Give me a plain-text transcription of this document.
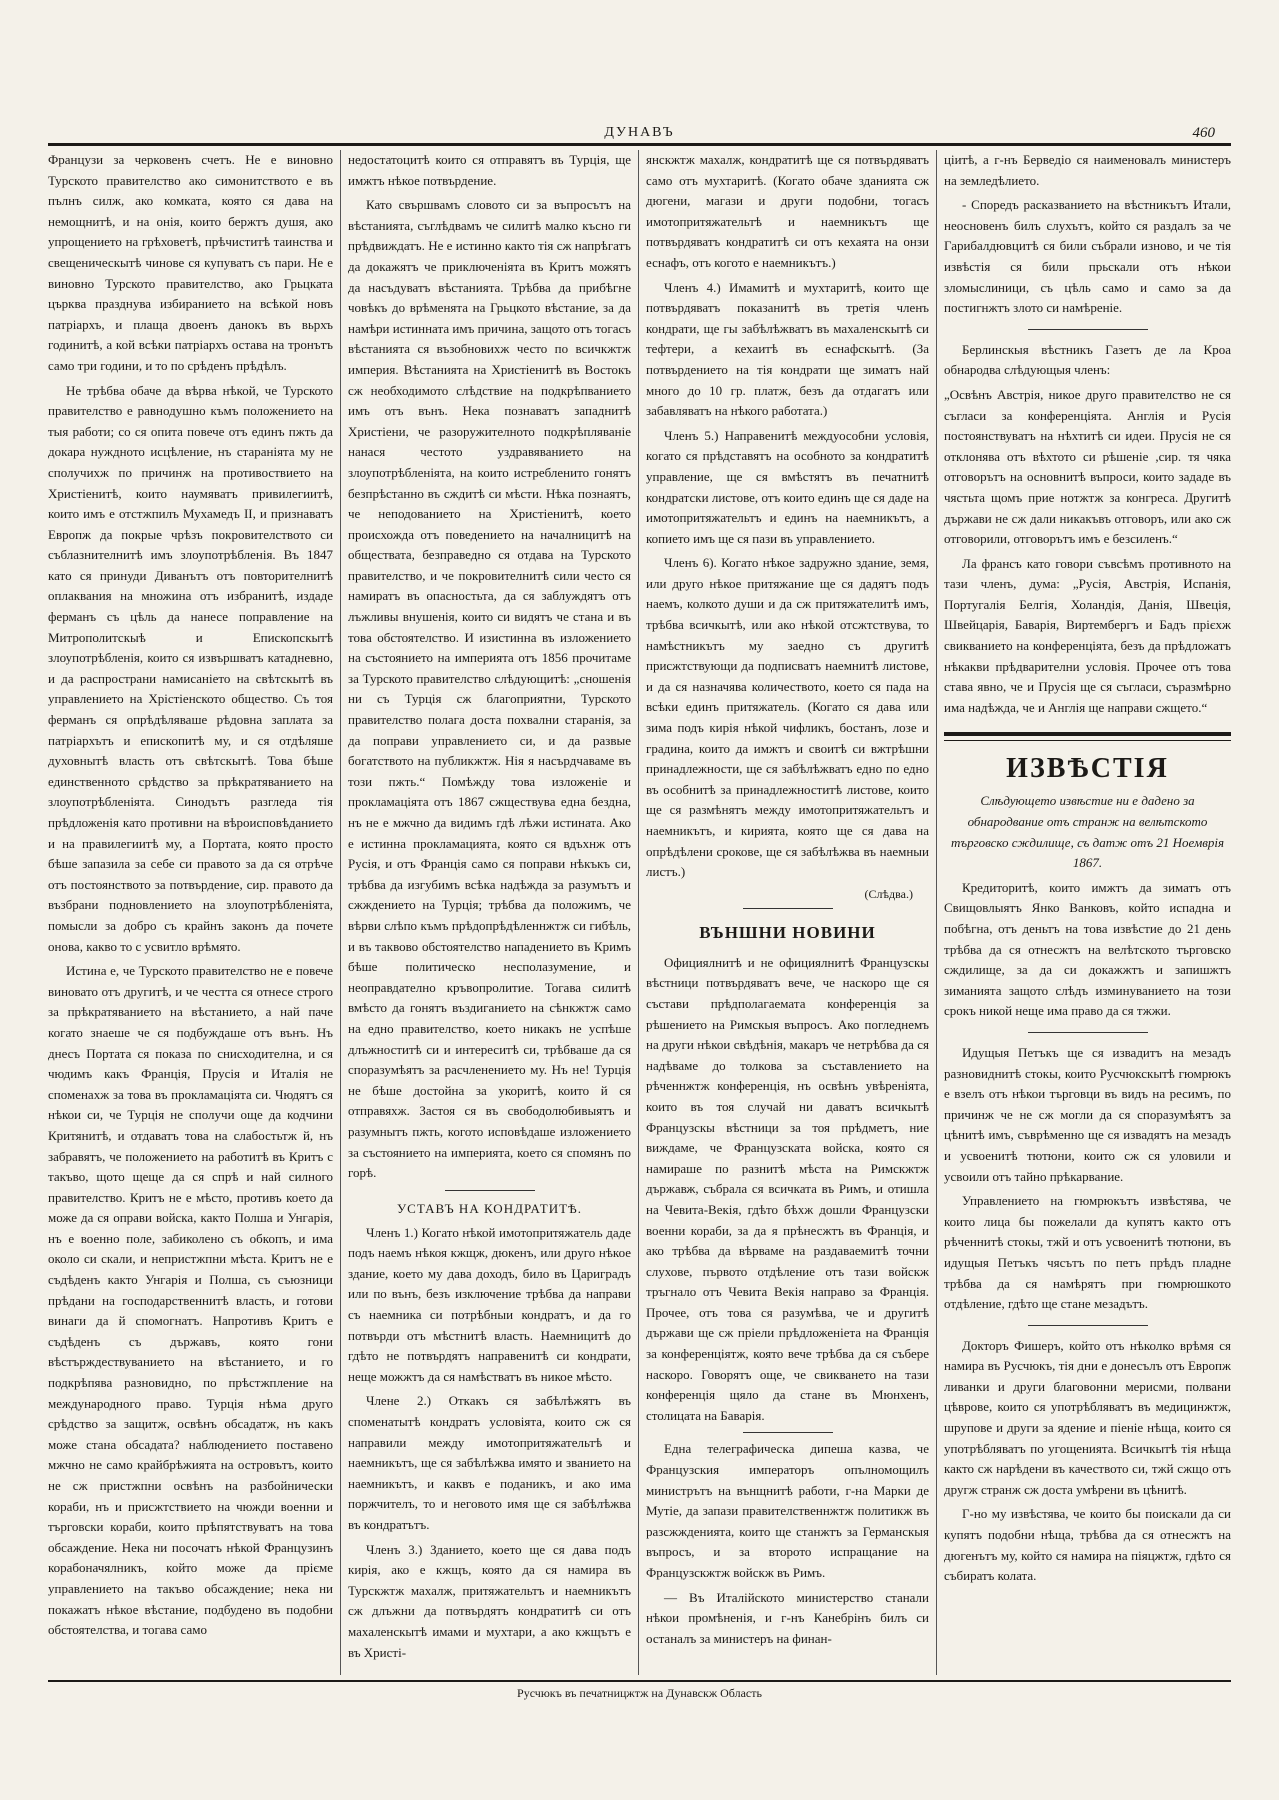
ДУНАВЪ	460

Французи за черковенъ счетъ. Не е виновно Турското правителство ако симонитството е въ пълнъ силж, ако комката, която ся дава на немощнитѣ, и на онія, които бержтъ душя, ако упрощението на грѣховетѣ, прѣчиститѣ таинства и свещеническытѣ чинове ся купуватъ съ пари. Не е виновно Турското правителство, ако Грьцката църква празднува избиранието на всѣкой новъ патріархъ, и плаща двоенъ данокъ въ вьрхъ годинитѣ, а кой всѣки патріархъ остава на тронътъ само три години, и то по срѣденъ прѣдѣлъ.

Не трѣбва обаче да вѣрва нѣкой, че Турското правителство е равнодушно къмъ положението на тыя работи; со ся опита повече отъ единъ пжть да докара нуждното исцѣление, нъ стараніята му не сполучихж по причинж на противоствието на Христіенитѣ, които наумяватъ привилегиитѣ, които имъ е отстжпилъ Мухамедъ II, и признаватъ Европж да покрые чрѣзъ покровителството си съблазнителнитѣ имъ злоупотрѣбленія. Въ 1847 като ся принуди Диванътъ отъ повторителнитѣ оплаквания на множина отъ избранитѣ, издаде ферманъ съ цѣль да нанесе поправление на Митрополитскыѣ и Епископскытѣ злоупотрѣбленія, които ся извършватъ катадневно, и да распространи намисаніето на свѣтскытѣ въ управлението на Хрістіенското общество. Съ тоя ферманъ ся опрѣдѣляваше рѣдовна заплата за патріархътъ и епископитѣ му, и ся отдѣляше духовнытѣ власть отъ свѣтскытѣ. Това бѣше единственното срѣдство за прѣкратяванието на злоупотрѣбленіята. Синодътъ разгледа тія прѣдложенія като противни на вѣроисповѣданието и на правилегиитѣ му, а Портата, която просто бѣше запазила за себе си правото за да ся отрѣче отъ постоянството за потвърдение, сир. правото да възбрани подновлението на злоупотрѣбленіята, помысли за добро съ крайнъ законъ да почете онова, какво то с усвитло врѣмято.

Истина е, че Турското правителство не е повече виновато отъ другитѣ, и че честта ся отнесе строго за прѣкратяванието на вѣстанието, а най паче когато знаеше че ся подбуждаше отъ вънъ. Нъ днесъ Портата ся показа по снисходителна, и ся чюдимъ какъ Франція, Прусія и Италія не споменахж за това въ прокламаціята си. Чюдятъ ся нѣкои си, че Турція не сполучи още да кодчини Критянитѣ, и отдаватъ това на слабостьтж й, нъ забравятъ, че положението на работитѣ въ Критъ с такъво, щото щеще да ся спрѣ и най силного правителство. Критъ не е мѣсто, противъ което да може да ся оправи войска, както Полша и Унгарія, нъ е военно поле, забиколено съ обкопъ, и има около си скали, и непристжпни мѣста. Критъ не е съдѣденъ както Унгарія и Полша, съ съюзници прѣдани на господарственнитѣ власть, и готови винаги да й спомогнатъ. Напротивъ Критъ е съдѣденъ съ държавъ, която гони вѣстърждествуванието на вѣстанието, и го подкрѣпява разновидно, по прѣстжпление на международного право. Турція нѣма друго срѣдство за защитж, освѣнъ обсадатж, нъ какъ може стана обсадата? наблюдението поставено мжчно не само крайбрѣжията на островътъ, които не сж пристжпни освѣнъ на разбойнически кораби, нъ и присжтствието на чюжди военни и търговски кораби, които прѣпятствуватъ на това обсаждение. Нека ни посочатъ нѣкой Французинъ корабоначялникъ, който може да прієме управлението на такъво обсаждение; нека ни покажатъ нѣкое вѣстание, подбудено въ подобни обстоятелства, и тогава само

недостатоцитѣ които ся отправятъ въ Турція, ще имжтъ нѣкое потвърдение.

Като свършвамъ словото си за въпросътъ на вѣстанията, съглѣдвамъ че силитѣ малко късно ги прѣдвиждатъ. Не е истинно както тія сж напрѣгатъ да докажятъ че приключеніята въ Критъ можятъ да насъдуватъ вѣстанията. Трѣбва да прибѣгне човѣкъ до врѣменята на Грьцкото вѣстание, за да намѣри истинната имъ причина, защото отъ тогасъ вѣстанията ся възобновихж често по всичкжтж империя. Вѣстанията на Христіенитѣ въ Востокъ сж необходимото слѣдствие на подкрѣпванието имъ отъ вънъ. Нека познаватъ западнитѣ Христіени, че разоружителното подкрѣпляваніе нанася честото уздравяванието на злоупотрѣбленіята, на които истребленито гонятъ безпрѣстанно въ сждитѣ си мѣсти. Нѣка познаятъ, че неподованието на Христіенитѣ, което происхожда отъ поведението на началницитѣ на обществата, безправедно ся отдава на Турското правителство, и че покровителнитѣ сили често ся намиратъ въ опасностьта, да ся заблуждятъ отъ лъжливы внушенія, които си видятъ че стана и въ това обстоятелство. И изистинна въ изложението на състоянието на империята отъ 1856 прочитаме за Турското правителство слѣдующитѣ: „сношенія ни съ Турція сж благоприятни, Турското правителство полага доста похвални старанія, за да поправи управлението си, и да развые богатството на публикжтж. Нія я насърдчаваме въ този пжть.“ Помѣжду това изложеніе и прокламаціята отъ 1867 сжществува една бездна, нъ не е мжчно да видимъ гдѣ лѣжи истината. Ако е истинна прокламацията, която ся вдъхнж отъ Русія, и отъ Франція само ся поправи нѣкъкъ си, трѣбва да изгубимъ всѣка надѣжда за разумътъ и сжждението на Турція; трѣбва да положимъ, че вѣрви слѣпо къмъ прѣдопрѣдѣленнжтж си гибѣль, и въ таквово обстоятелство нападението въ Кримъ бѣше политическо несполазумение, и неоправдателно кръвопролитие. Тогава силитѣ вмѣсто да гонятъ въздиганието на сѣнкжтж само на едно правителство, което никакъ не успѣше длъжноститѣ си и интереситѣ си, трѣбваше да ся споразумѣятъ за расчленението му. Нъ не! Турція не бѣше достойна за укоритѣ, които й ся отправяхж. Застоя ся въ свободолюбивыятъ и разумнытъ пжть, когото исповѣдаше изложението за състоянието на империята, което ся спомянъ по горѣ.

УСТАВЪ НА КОНДРАТИТѢ.

Членъ 1.) Когато нѣкой имотопритяжатель даде подъ наемъ нѣкоя кжщж, дюкенъ, или друго нѣкое здание, което му дава доходъ, било въ Цариградъ или по вънъ, безъ изключение трѣбва да направи съ наемника си потрѣбныи кондратъ, и да го потвърди отъ мѣстнитѣ власть. Наемницитѣ до гдѣто не потвърдятъ направенитѣ си кондрати, неще можжтъ да ся намѣстватъ въ никое мѣсто.

Члене 2.) Откакъ ся забѣлѣжятъ въ споменатытѣ кондратъ условіята, които сж ся направили между имотопритяжательтѣ и наемникътъ, ще ся забѣлѣжва имято и званието на наемникътъ, и каквъ е поданикъ, и ако има поржчителъ, то и неговото имя ще ся забѣлѣжва въ кондратътъ.

Членъ 3.) Зданието, което ще ся дава подъ кирія, ако е кжщъ, която да ся намира въ Турскжтж махалж, притяжательтъ и наемникътъ сж длъжни да потвърдятъ кондратитѣ си отъ махаленскытѣ имами и мухтари, а ако кжщътъ е въ Христі-

янскжтж махалж, кондратитѣ ще ся потвърдяватъ само отъ мухтаритѣ. (Когато обаче зданията сж дюгени, магази и други подобни, тогасъ имотопритяжательтѣ и наемникътъ ще потвърдяватъ кондратитѣ си отъ кехаята на онзи еснафъ, отъ когото е наемникътъ.)

Членъ 4.) Имамитѣ и мухтаритѣ, които ще потвърдяватъ показанитѣ въ третія членъ кондрати, ще гы забѣлѣжватъ въ махаленскытѣ си тефтери, а кехаитѣ въ еснафскытѣ. (За потвърдението на тія кондрати ще зиматъ най много до 10 гр. платж, безъ да отдагатъ или забавляватъ на нѣкого работата.)

Членъ 5.) Направенитѣ междуособни условія, когато ся прѣдставятъ на особното за кондратитѣ управление, ще ся вмѣстятъ въ печатнитѣ кондратски листове, отъ които единъ ще ся даде на имотопритяжательтъ и единъ на наемникътъ, а копието имъ ще ся пази въ управлението.

Членъ 6). Когато нѣкое задружно здание, земя, или друго нѣкое притяжание ще ся дадятъ подъ наемъ, колкото души и да сж притяжателитѣ имъ, трѣбва всичкытѣ, или ако нѣкой отсжтствува, то намѣстникътъ му заедно съ другитѣ присжтствующи да подписватъ наемнитѣ листове, и да ся назначява количеството, което ся пада на всѣки единъ притяжатель. (Когато ся дава или зима подъ кирія нѣкой чифликъ, бостанъ, лозе и градина, които да имжтъ и своитѣ си вжтрѣшни принадлежности, ще ся забѣлѣжватъ едно по едно въ особнитѣ за принадлежноститѣ листове, които ще ся размѣнятъ между имотопритяжательтъ и наемникътъ, и кирията, която ще ся дава на опрѣдѣлени срокове, ще ся забѣлѣжва въ наемныи листъ.)

(Слѣдва.)
ВЪНШНИ НОВИНИ

Официялнитѣ и не официялнитѣ Французскы вѣстници потвърдяватъ вече, че наскоро ще ся състави прѣдполагаемата конференція за рѣшението на Римскыя въпросъ. Ако погледнемъ на други нѣкои свѣдѣнія, макаръ че нетрѣбва да ся надѣваме до толкова за съставлението на рѣченнжтж конференція, нъ освѣнъ увѣреніята, които въ тоя случай ни даватъ всичкытѣ Французскы вѣстници за тоя прѣдметъ, ние виждаме, че Французската войска, която ся намираше по разнитѣ мѣста на Римскжтж държавж, събрала ся всичката въ Римъ, и отишла на Чевита-Векія, гдѣто бѣхж дошли Французски военни кораби, за да я прѣнесжтъ въ Франція, и ако трѣбва да вѣрваме на раздаваемитѣ точни слухове, първото отдѣление отъ тази войскж тръгнало отъ Чевита Векія направо за Франція. Прочее, отъ това ся разумѣва, че и другитѣ държави ще сж пріели прѣдложеніета на Франція за конференціятж, която вече трѣбва да ся събере наскоро. Говорятъ още, че свикването на тази конференція щяло да стане въ Мюнхенъ, столицата на Баварія.

Една телеграфическа дипеша казва, че Французския императоръ опълномощилъ министрътъ на вънщнитѣ работи, г-на Марки де Мутіе, да запази правителственнжтж политикж въ разсжжденията, които ще станжтъ за Германскыя въпросъ, и за второто испращание на Французскжтж войскж въ Римъ.

— Въ Италійското министерство станали нѣкои промѣненія, и г-нъ Канебрінъ билъ си останалъ за министеръ на финан-

ціитѣ, а г-нъ Берведіо ся наименовалъ министеръ на земледѣлието.

- Споредъ расказванието на вѣстникътъ Итали, неосновенъ билъ слухътъ, който ся раздалъ за че Гарибалдювцитѣ ся били събрали изново, и че тія извѣстія ся били прьскали отъ нѣкои зломыслиници, съ цѣль само и само за да постигнжтъ злото си намѣреніе.

Берлинскыя вѣстникъ Газетъ де ла Кроа обнародва слѣдующыя членъ:

„Освѣнъ Австрія, никое друго правителство не ся съгласи за конференціята. Англія и Русія постоянствуватъ на нѣхтитѣ си идеи. Прусія не ся отклонява отъ вѣхтото си рѣшеніе ,сир. тя чяка отговорътъ на основнитѣ въпроси, които зададе въ чястьта щомъ прие нотжтж за конгреса. Другитѣ държави не сж дали никакъвъ отговоръ, или ако сж отговорили, отговорътъ имъ е безсиленъ.“

Ла франсъ като говори съвсѣмъ противното на тази членъ, дума: „Русія, Австрія, Испанія, Португалія Белгія, Холандія, Данія, Швеція, Швейцарія, Баварія, Виртембергъ и Бадъ прієхж свикванието на конференціята, безъ да прѣдложатъ нѣкакви прѣдварителни условія. Прочее отъ това става явно, че и Прусія ще ся съгласи, съразмѣрно има надѣжда, че и Англія ще направи сжщето.“

ИЗВѢСТІЯ

Слѣдующето извѣстие ни е дадено за обнародвание отъ странж на велѣтското търговско сждилище, съ датж отъ 21 Ноемврія 1867.

Кредиторитѣ, които имжтъ да зиматъ отъ Свищовлыятъ Янко Ванковъ, който испадна и побѣгна, отъ деньтъ на това извѣстие до 21 день трѣбва да ся отнесжтъ на велѣтското търговско сждилище, за да си докажжтъ и запишжтъ зиманията защото слѣдъ изминуванието на този срокъ никой неще има право да ся тжжи.

Идущыя Петъкъ ще ся извадитъ на мезадъ разновиднитѣ стокы, които Русчюкскытѣ гюмрюкъ е взелъ отъ нѣкои търговци въ видъ на ресимъ, по причинж че не сж могли да ся споразумѣятъ за цѣнитѣ имъ, съврѣменно ще ся извадятъ на мезадъ и усвоенитѣ тютюни, които сж ся уловили и усвоили отъ тайно прѣкарвание.

Управлението на гюмрюкътъ извѣстява, че които лица бы пожелали да купятъ както отъ рѣченнитѣ стокы, тжй и отъ усвоенитѣ тютюни, въ идущыя Петъкъ чясътъ по петъ прѣдъ пладне трѣбва да ся намѣрятъ при гюмрюшкото отдѣление, гдѣто ще стане мезадътъ.

Докторъ Фишеръ, който отъ нѣколко врѣмя ся намира въ Русчюкъ, тія дни е донесълъ отъ Европж ливанки и други благовонни мерисми, полвани цѣврове, които ся употрѣбляватъ въ медицинжтж, шрупове и други за ядение и піеніе нѣща, които ся употрѣбляватъ по угощенията. Всичкытѣ тія нѣща както сж нарѣдени въ качеството си, тжй сжщо отъ другж странж сж доста умѣрени въ цѣнитѣ.

Г-но му извѣстява, че които бы поискали да си купятъ подобни нѣща, трѣбва да ся отнесжтъ на дюгенътъ му, който ся намира на піяцжтж, гдѣто ся събиратъ колата.

Русчюкъ въ печатницжтж на Дунавскж Область
